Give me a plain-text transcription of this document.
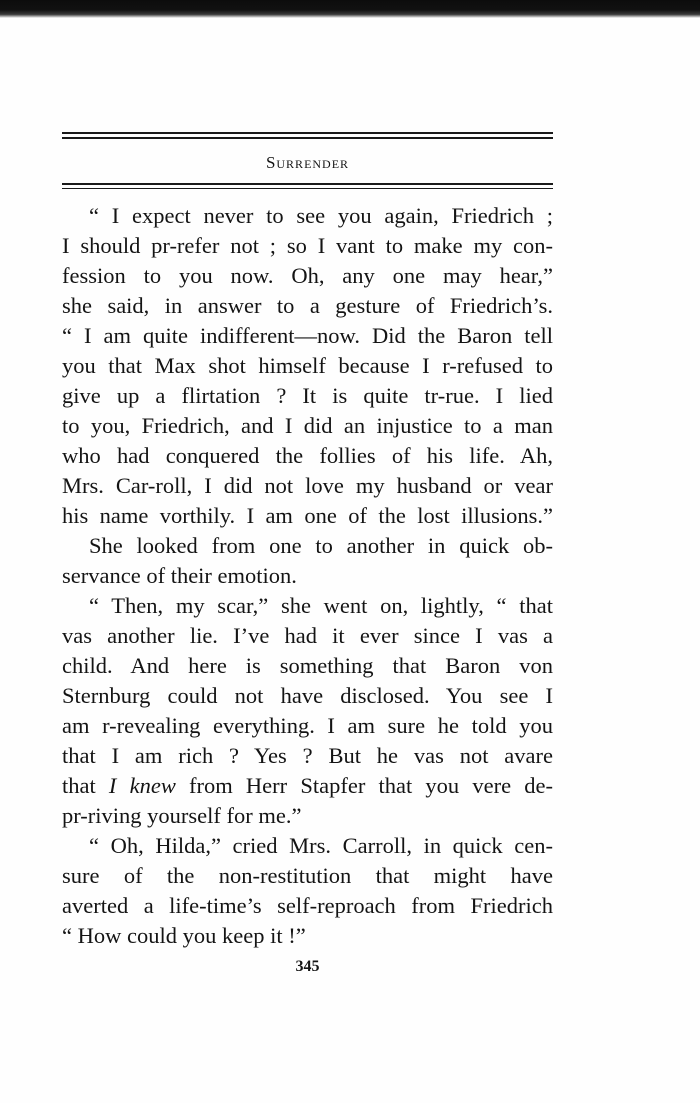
Surrender
“ I expect never to see you again, Friedrich ;
I should pr-refer not ; so I vant to make my con-
fession to you now. Oh, any one may hear,”
she said, in answer to a gesture of Friedrich’s.
“ I am quite indifferent—now. Did the Baron tell
you that Max shot himself because I r-refused to
give up a flirtation ? It is quite tr-rue. I lied
to you, Friedrich, and I did an injustice to a man
who had conquered the follies of his life. Ah,
Mrs. Car-roll, I did not love my husband or vear
his name vorthily. I am one of the lost illusions.”
She looked from one to another in quick ob-
servance of their emotion.
“ Then, my scar,” she went on, lightly, “ that
vas another lie. I’ve had it ever since I vas a
child. And here is something that Baron von
Sternburg could not have disclosed. You see I
am r-revealing everything. I am sure he told you
that I am rich ? Yes ? But he vas not avare
that I knew from Herr Stapfer that you vere de-
pr-riving yourself for me.”
“ Oh, Hilda,” cried Mrs. Carroll, in quick cen-
sure of the non-restitution that might have
averted a life-time’s self-reproach from Friedrich
“ How could you keep it !”
345
